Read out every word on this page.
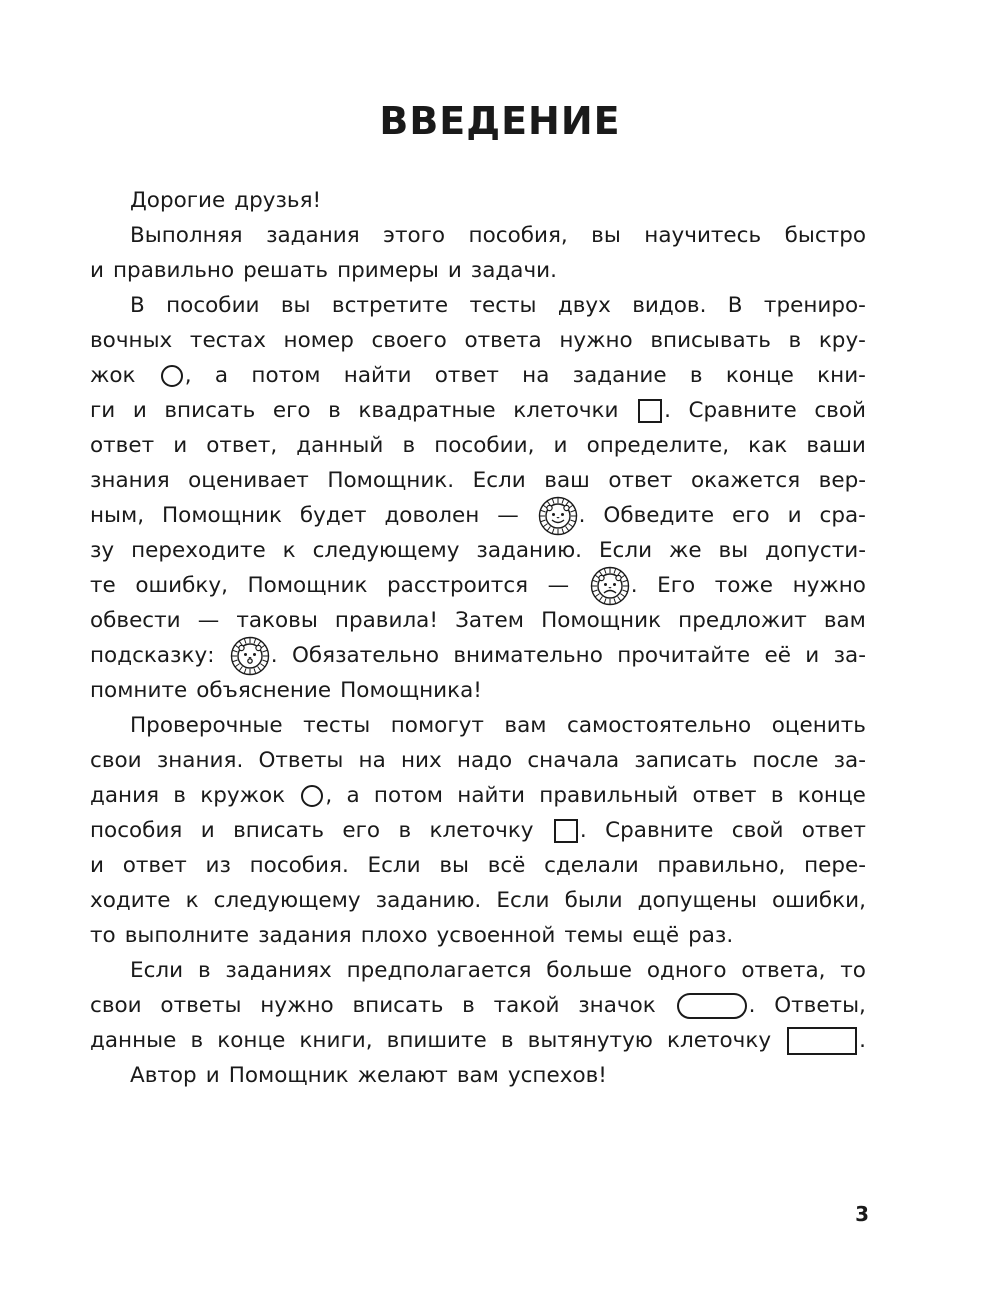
ВВЕДЕНИЕ
Дорогие друзья!
Выполняя задания этого пособия, вы научитесь быстро
и правильно решать примеры и задачи.
В пособии вы встретите тесты двух видов. В трениро-
вочных тестах номер своего ответа нужно вписывать в кру-
жок , а потом найти ответ на задание в конце кни-
ги и вписать его в квадратные клеточки . Сравните свой
ответ и ответ, данный в пособии, и определите, как ваши
знания оценивает Помощник. Если ваш ответ окажется вер-
ным, Помощник будет доволен —	. Обведите его и сра-
зу переходите к следующему заданию. Если же вы допусти-
те ошибку, Помощник расстроится —	. Его тоже нужно
обвести — таковы правила! Затем Помощник предложит вам
подсказку:	. Обязательно внимательно прочитайте её и за-
помните объяснение Помощника!
Проверочные тесты помогут вам самостоятельно оценить
свои знания. Ответы на них надо сначала записать после за-
дания в кружок , а потом найти правильный ответ в конце
пособия и вписать его в клеточку . Сравните свой ответ
и ответ из пособия. Если вы всё сделали правильно, пере-
ходите к следующему заданию. Если были допущены ошибки,
то выполните задания плохо усвоенной темы ещё раз.
Если в заданиях предполагается больше одного ответа, то
свои ответы нужно вписать в такой значок	. Ответы,
данные в конце книги, впишите в вытянутую клеточку	.
Автор и Помощник желают вам успехов!
3
